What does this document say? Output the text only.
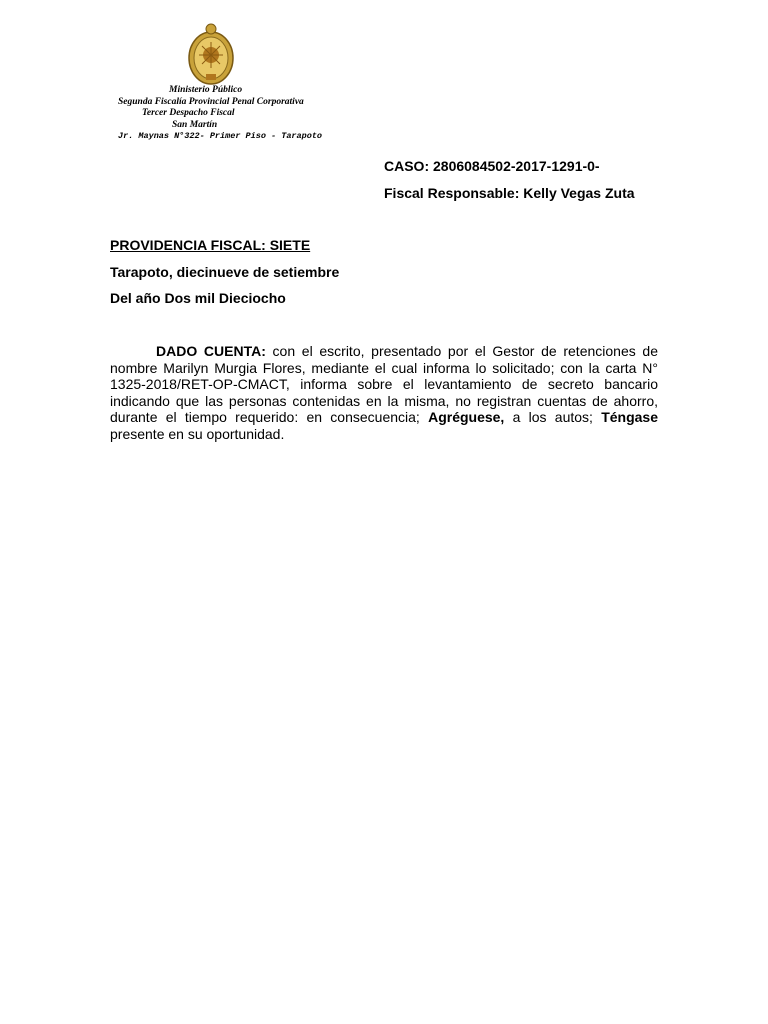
Ministerio Público
Segunda Fiscalía Provincial Penal Corporativa
Tercer Despacho Fiscal
San Martín
Jr. Maynas N°322- Primer Piso - Tarapoto
CASO: 2806084502-2017-1291-0-
Fiscal Responsable: Kelly Vegas Zuta
PROVIDENCIA FISCAL: SIETE
Tarapoto, diecinueve de setiembre
Del año Dos mil Dieciocho
DADO CUENTA: con el escrito, presentado por el Gestor de retenciones de nombre Marilyn Murgia Flores, mediante el cual informa lo solicitado; con la carta N° 1325-2018/RET-OP-CMACT, informa sobre el levantamiento de secreto bancario indicando que las personas contenidas en la misma, no registran cuentas de ahorro, durante el tiempo requerido: en consecuencia; Agréguese, a los autos; Téngase presente en su oportunidad.
